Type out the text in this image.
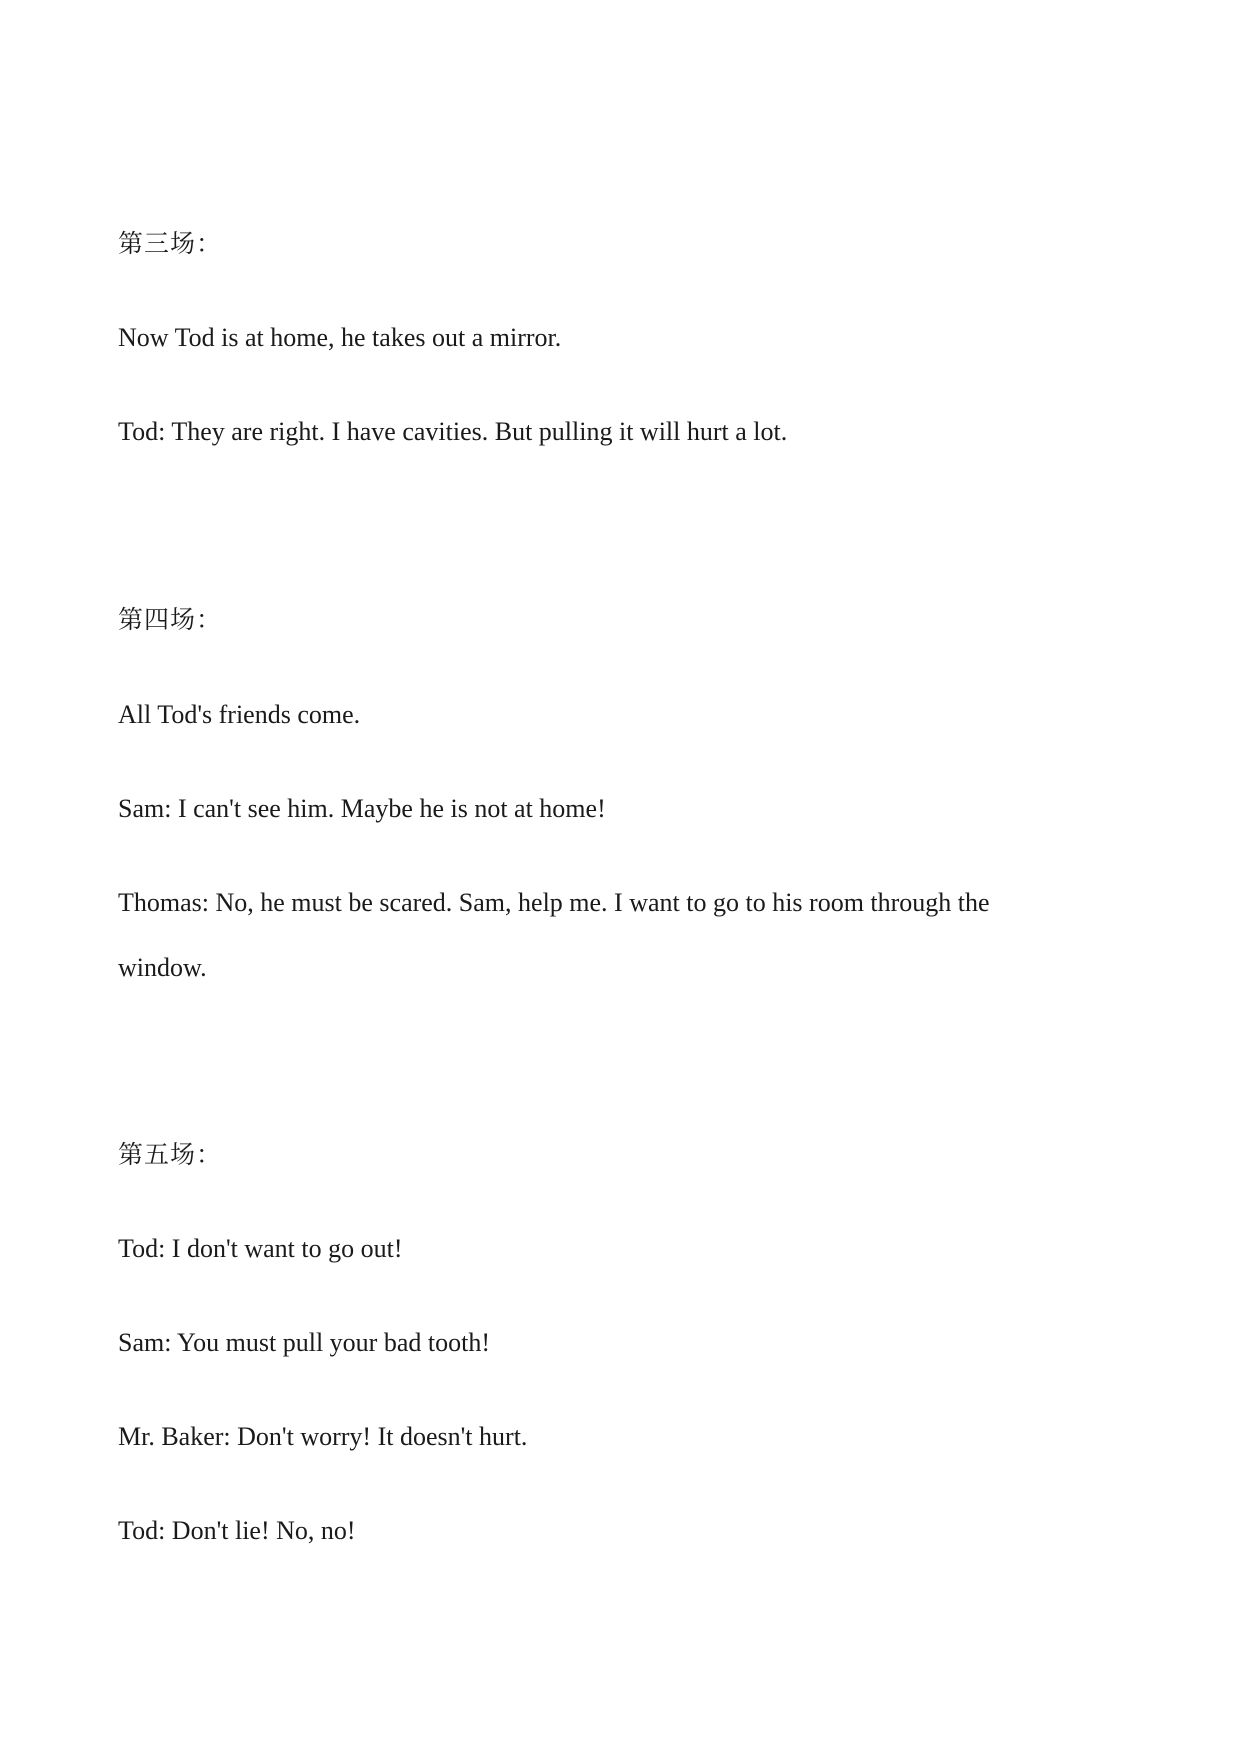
第三场：

Now Tod is at home, he takes out a mirror.

Tod: They are right. I have cavities. But pulling it will hurt a lot.

第四场：

All Tod's friends come.

Sam: I can't see him. Maybe he is not at home!

Thomas: No, he must be scared. Sam, help me. I want to go to his room through the

window.

第五场：

Tod: I don't want to go out!

Sam: You must pull your bad tooth!

Mr. Baker: Don't worry! It doesn't hurt.

Tod: Don't lie! No, no!
